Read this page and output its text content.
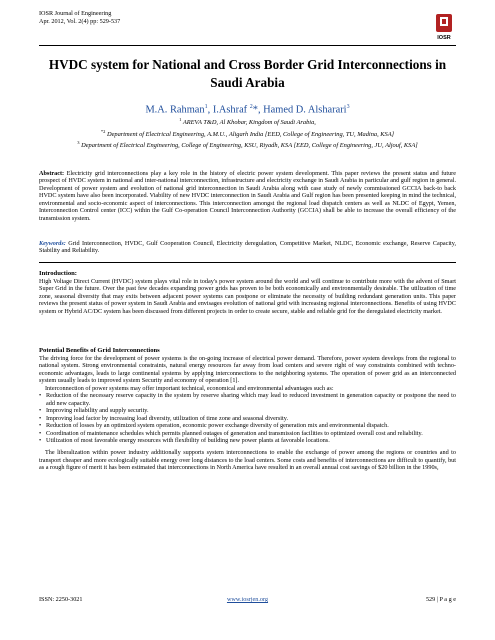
IOSR Journal of Engineering
Apr. 2012, Vol. 2(4) pp: 529-537
IOSR
HVDC system for National and Cross Border Grid Interconnections in Saudi Arabia
M.A. Rahman$^1$, I.Ashraf $^2$*, Hamed D. Alsharari$^3$
$^1$ AREVA T&D, Al Khobar, Kingdom of Saudi Arabia,
$^{*2}$ Department of Electrical Engineering, A.M.U., Aligarh India [EED, College of Engineering, TU, Madina, KSA]
$^3$ Department of Electrical Engineering, College of Engineering, KSU, Riyadh, KSA [EED, College of Engineering, JU, Aljouf, KSA]
Abstract: Electricity grid interconnections play a key role in the history of electric power system development. This paper reviews the present status and future prospect of HVDC system in national and inter-national interconnection, infrastructure and electricity exchange in Saudi Arabia in particular and gulf region in general. Development of power system and evolution of national grid interconnection in Saudi Arabia along with case study of newly commissioned GCCIA back-to back HVDC system have also been incorporated. Viability of new HVDC interconnection in Saudi Arabia and Gulf region has been presented keeping in mind the technical, environmental and socio-economic aspect of interconnections. This interconnection amongst the regional load dispatch centers as well as NLDC of Egypt, Yemen, Interconnection Control center (ICC) within the Gulf Co-operation Council Interconnection Authority (GCCIA) shall be able to increase the overall efficiency of the transmission system.
Keywords: Grid Interconnection, HVDC, Gulf Cooperation Council, Electricity deregulation, Competitive Market, NLDC, Economic exchange, Reserve Capacity, Stability and Reliability.
Introduction:
High Voltage Direct Current (HVDC) system plays vital role in today's power system around the world and will continue to contribute more with the advent of Smart Super Grid in the future. Over the past few decades expanding power grids has proven to be both economically and environmentally desirable. The utilization of time zone, seasonal diversity that may exits between adjacent power systems can postpone or eliminate the necessity of building redundant generation units. This paper reviews the present status of power system in Saudi Arabia and envisages evolution of national grid with increasing regional interconnections. Benefits of using HVDC system or Hybrid AC/DC system has been discussed from different projects in order to create secure, stable and reliable grid for the deregulated electricity market.
Potential Benefits of Grid Interconnections
The driving force for the development of power systems is the on-going increase of electrical power demand. Therefore, power system develops from the regional to national system. Strong environmental constraints, natural energy resources far away from load centers and severe right of way constraints combined with techno-economic advantages, leads to large continental systems by applying interconnections to the neighboring systems. The operation of power grid as an interconnected system usually leads to improved system Security and economy of operation [1].
Interconnection of power systems may offer important technical, economical and environmental advantages such as:
• Reduction of the necessary reserve capacity in the system by reserve sharing which may lead to reduced investment in generation capacity or postpone the need to add new capacity.
• Improving reliability and supply security.
• Improving load factor by increasing load diversity, utilization of time zone and seasonal diversity.
• Reduction of losses by an optimized system operation, economic power exchange diversity of generation mix and environmental dispatch.
• Coordination of maintenance schedules which permits planned outages of generation and transmission facilities to optimized overall cost and reliability.
• Utilization of most favorable energy resources with flexibility of building new power plants at favorable locations.
The liberalization within power industry additionally supports system interconnections to enable the exchange of power among the regions or countries and to transport cheaper and more ecologically suitable energy over long distances to the load centers. Some costs and benefits of interconnections are difficult to quantify, but as a rough figure of merit it has been estimated that interconnections in North America have resulted in an overall annual cost savings of $20 billion in the 1990s,
ISSN: 2250-3021	www.iosrjen.org	529 | P a g e
